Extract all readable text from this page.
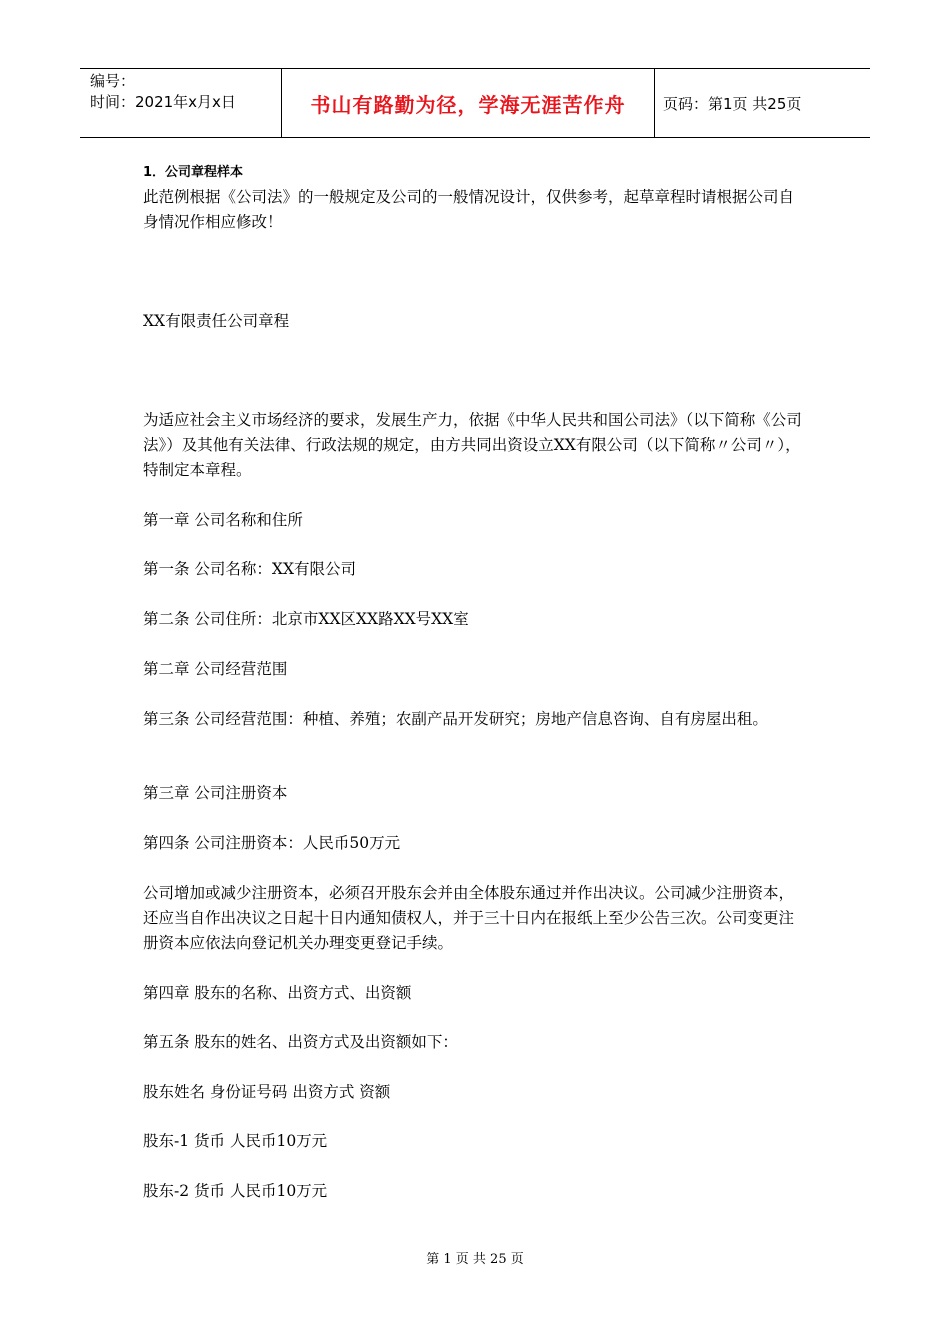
编号：
时间：2021年x月x日	书山有路勤为径，学海无涯苦作舟	页码：第1页 共25页

1．公司章程样本

此范例根据《公司法》的一般规定及公司的一般情况设计，仅供参考，起草章程时请根据公司自身情况作相应修改！

XX有限责任公司章程

为适应社会主义市场经济的要求，发展生产力，依据《中华人民共和国公司法》（以下简称《公司法》）及其他有关法律、行政法规的规定，由方共同出资设立XX有限公司（以下简称〃公司〃），特制定本章程。

第一章 公司名称和住所

第一条 公司名称：XX有限公司

第二条 公司住所：北京市XX区XX路XX号XX室

第二章 公司经营范围

第三条 公司经营范围：种植、养殖；农副产品开发研究；房地产信息咨询、自有房屋出租。

第三章 公司注册资本

第四条 公司注册资本：人民币50万元

公司增加或减少注册资本，必须召开股东会并由全体股东通过并作出决议。公司减少注册资本，还应当自作出决议之日起十日内通知债权人，并于三十日内在报纸上至少公告三次。公司变更注册资本应依法向登记机关办理变更登记手续。

第四章 股东的名称、出资方式、出资额

第五条 股东的姓名、出资方式及出资额如下：

股东姓名 身份证号码 出资方式 资额

股东-1 货币 人民币10万元

股东-2 货币 人民币10万元

第 1 页 共 25 页
